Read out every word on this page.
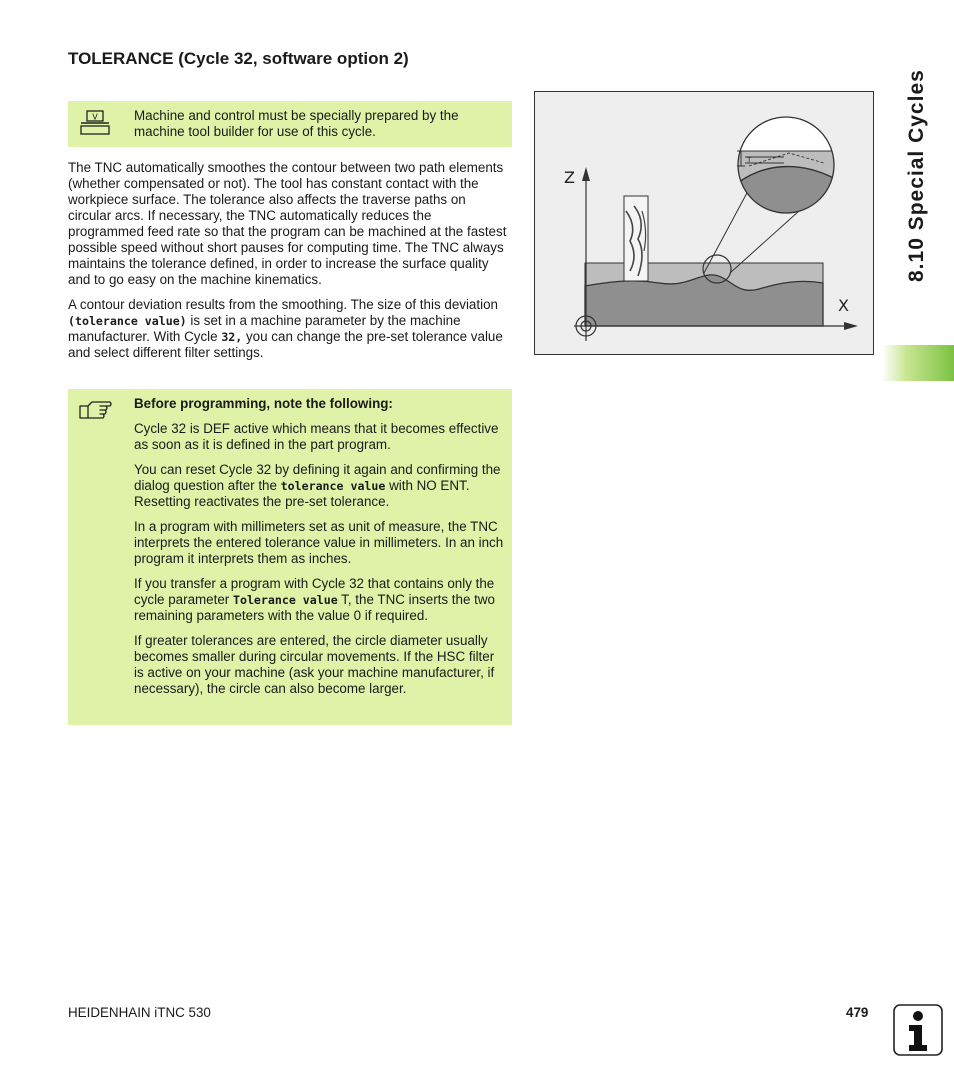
TOLERANCE (Cycle 32, software option 2)
V	Machine and control must be specially prepared by the machine tool builder for use of this cycle.

The TNC automatically smoothes the contour between two path elements (whether compensated or not). The tool has constant contact with the workpiece surface. The tolerance also affects the traverse paths on circular arcs. If necessary, the TNC automatically reduces the programmed feed rate so that the program can be machined at the fastest possible speed without short pauses for computing time. The TNC always maintains the tolerance defined, in order to increase the surface quality and to go easy on the machine kinematics.

A contour deviation results from the smoothing. The size of this deviation (tolerance value) is set in a machine parameter by the machine manufacturer. With Cycle 32, you can change the pre-set tolerance value and select different filter settings.

Before programming, note the following:

Cycle 32 is DEF active which means that it becomes effective as soon as it is defined in the part program.

You can reset Cycle 32 by defining it again and confirming the dialog question after the tolerance value with NO ENT. Resetting reactivates the pre-set tolerance.

In a program with millimeters set as unit of measure, the TNC interprets the entered tolerance value in millimeters. In an inch program it interprets them as inches.

If you transfer a program with Cycle 32 that contains only the cycle parameter Tolerance value T, the TNC inserts the two remaining parameters with the value 0 if required.

If greater tolerances are entered, the circle diameter usually becomes smaller during circular movements. If the HSC filter is active on your machine (ask your machine manufacturer, if necessary), the circle can also become larger.

Z
X
T	8.10 Special Cycles
HEIDENHAIN iTNC 530	479
